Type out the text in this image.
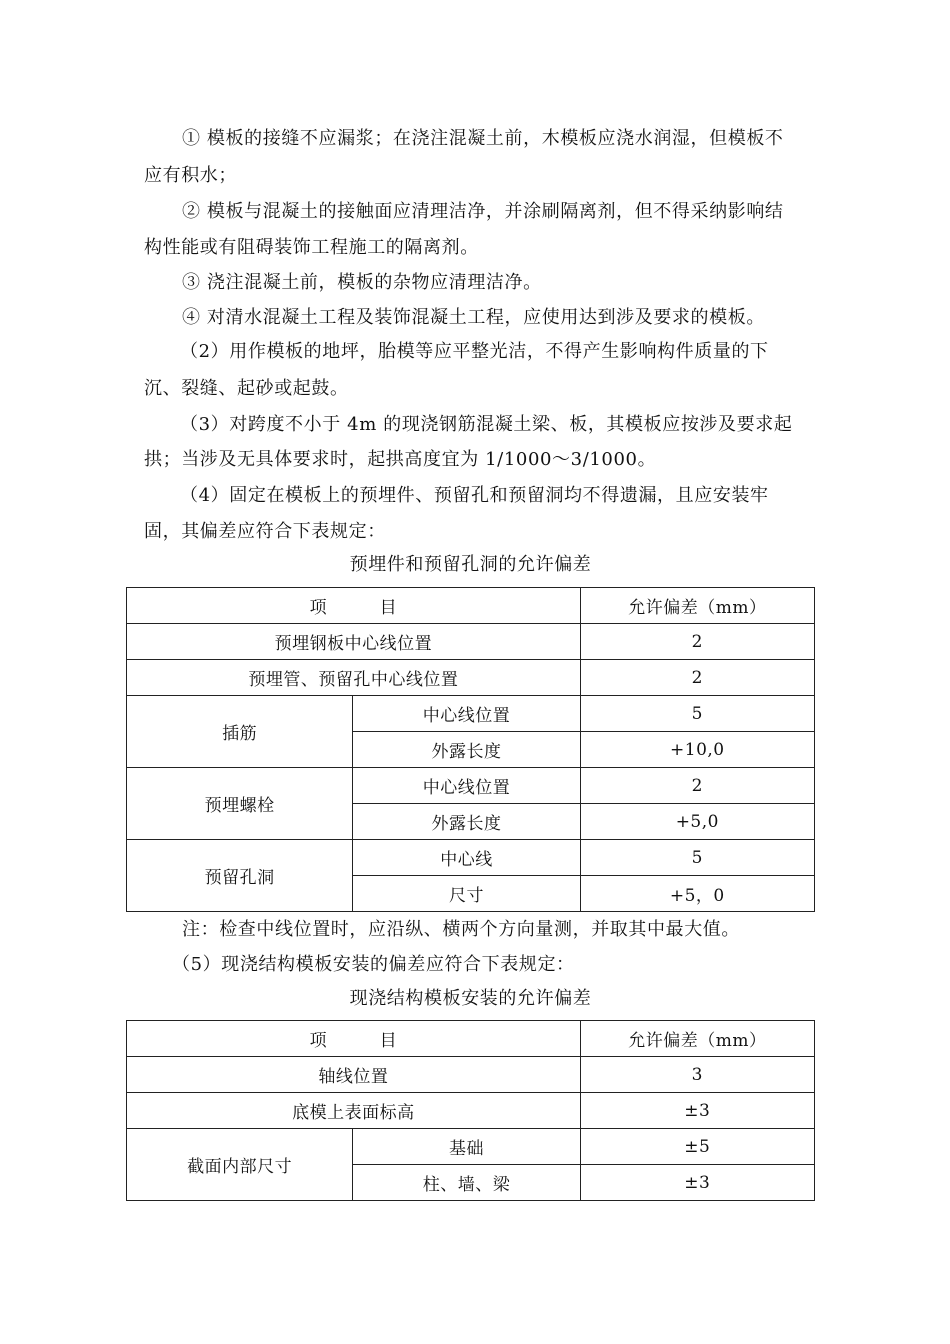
① 模板的接缝不应漏浆；在浇注混凝土前，木模板应浇水润湿，但模板不
应有积水；
② 模板与混凝土的接触面应清理洁净，并涂刷隔离剂，但不得采纳影响结
构性能或有阻碍装饰工程施工的隔离剂。
③ 浇注混凝土前，模板的杂物应清理洁净。
④ 对清水混凝土工程及装饰混凝土工程，应使用达到涉及要求的模板。
（2）用作模板的地坪，胎模等应平整光洁，不得产生影响构件质量的下
沉、裂缝、起砂或起鼓。
（3）对跨度不小于 4m 的现浇钢筋混凝土梁、板，其模板应按涉及要求起
拱；当涉及无具体要求时，起拱高度宜为 1/1000～3/1000。
（4）固定在模板上的预埋件、预留孔和预留洞均不得遗漏，且应安装牢
固，其偏差应符合下表规定：
预埋件和预留孔洞的允许偏差
项　　　目		允许偏差（mm）
预埋钢板中心线位置		2
预埋管、预留孔中心线位置		2
插筋	中心线位置	5
	外露长度	+10,0
预埋螺栓	中心线位置	2
	外露长度	+5,0
预留孔洞	中心线	5
	尺寸	+5，0
注：检查中线位置时，应沿纵、横两个方向量测，并取其中最大值。
（5）现浇结构模板安装的偏差应符合下表规定：
现浇结构模板安装的允许偏差
项　　　目		允许偏差（mm）
轴线位置		3
底模上表面标高		±3
截面内部尺寸	基础	±5
	柱、墙、梁	±3
